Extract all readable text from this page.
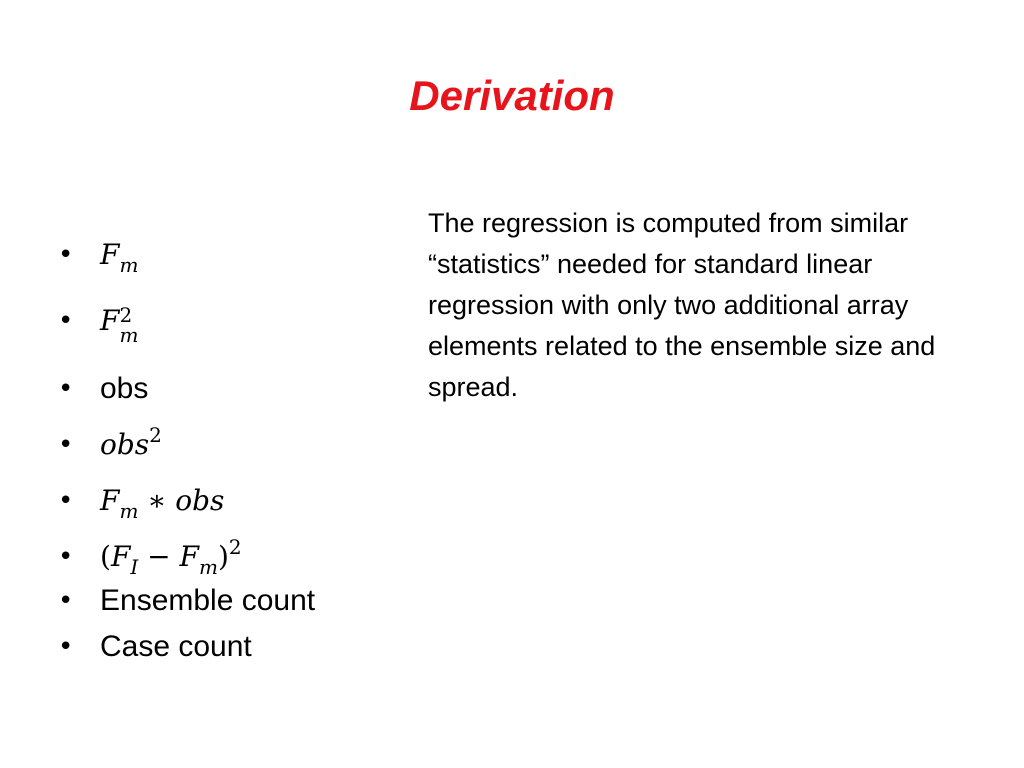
Derivation
• $F_m$
• F 2
m
• obs
• obs$^2$
• $F_m$ ∗ obs
• $(F_I - F_m)^2$
• Ensemble count
• Case count
The regression is computed from similar “statistics” needed for standard linear regression with only two additional array elements related to the ensemble size and spread.
